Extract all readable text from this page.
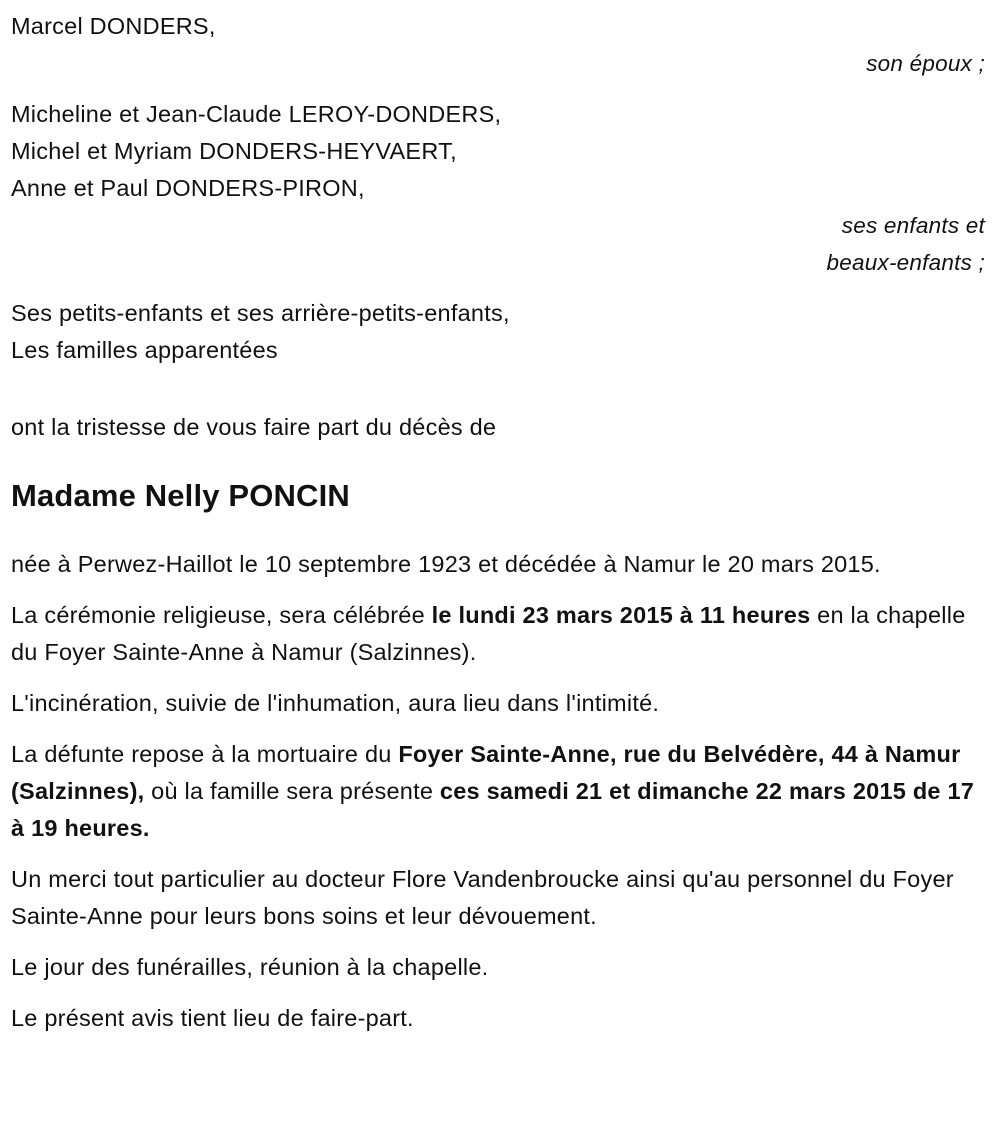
Marcel DONDERS,
son époux ;
Micheline et Jean-Claude LEROY-DONDERS,
Michel et Myriam DONDERS-HEYVAERT,
Anne et Paul DONDERS-PIRON,
ses enfants et
beaux-enfants ;
Ses petits-enfants et ses arrière-petits-enfants,
Les familles apparentées
ont la tristesse de vous faire part du décès de
Madame Nelly PONCIN

née à Perwez-Haillot le 10 septembre 1923 et décédée à Namur le 20 mars 2015.

La cérémonie religieuse, sera célébrée le lundi 23 mars 2015 à 11 heures en la chapelle du Foyer Sainte-Anne à Namur (Salzinnes).

L'incinération, suivie de l'inhumation, aura lieu dans l'intimité.

La défunte repose à la mortuaire du Foyer Sainte-Anne, rue du Belvédère, 44 à Namur (Salzinnes), où la famille sera présente ces samedi 21 et dimanche 22 mars 2015 de 17 à 19 heures.

Un merci tout particulier au docteur Flore Vandenbroucke ainsi qu'au personnel du Foyer Sainte-Anne pour leurs bons soins et leur dévouement.

Le jour des funérailles, réunion à la chapelle.

Le présent avis tient lieu de faire-part.
